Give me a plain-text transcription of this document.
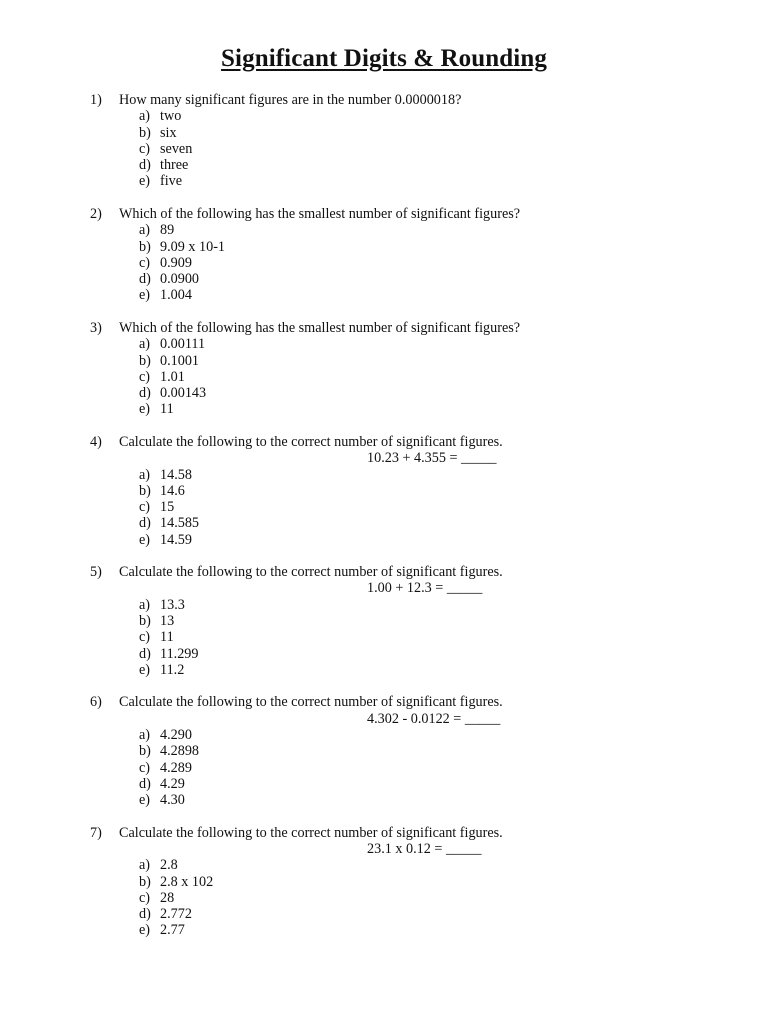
Significant Digits & Rounding
1)	How many significant figures are in the number 0.0000018?
a) two
b) six
c) seven
d) three
e) five
2)	Which of the following has the smallest number of significant figures?
a) 89
b) 9.09 x 10-1
c) 0.909
d) 0.0900
e) 1.004
3)	Which of the following has the smallest number of significant figures?
a) 0.00111
b) 0.1001
c) 1.01
d) 0.00143
e) 11
4)	Calculate the following to the correct number of significant figures.
10.23 + 4.355 = _____
a) 14.58
b) 14.6
c) 15
d) 14.585
e) 14.59
5)	Calculate the following to the correct number of significant figures.
1.00 + 12.3 = _____
a) 13.3
b) 13
c) 11
d) 11.299
e) 11.2
6)	Calculate the following to the correct number of significant figures.
4.302 - 0.0122 = _____
a) 4.290
b) 4.2898
c) 4.289
d) 4.29
e) 4.30
7)	Calculate the following to the correct number of significant figures.
23.1 x 0.12 = _____
a) 2.8
b) 2.8 x 102
c) 28
d) 2.772
e) 2.77
